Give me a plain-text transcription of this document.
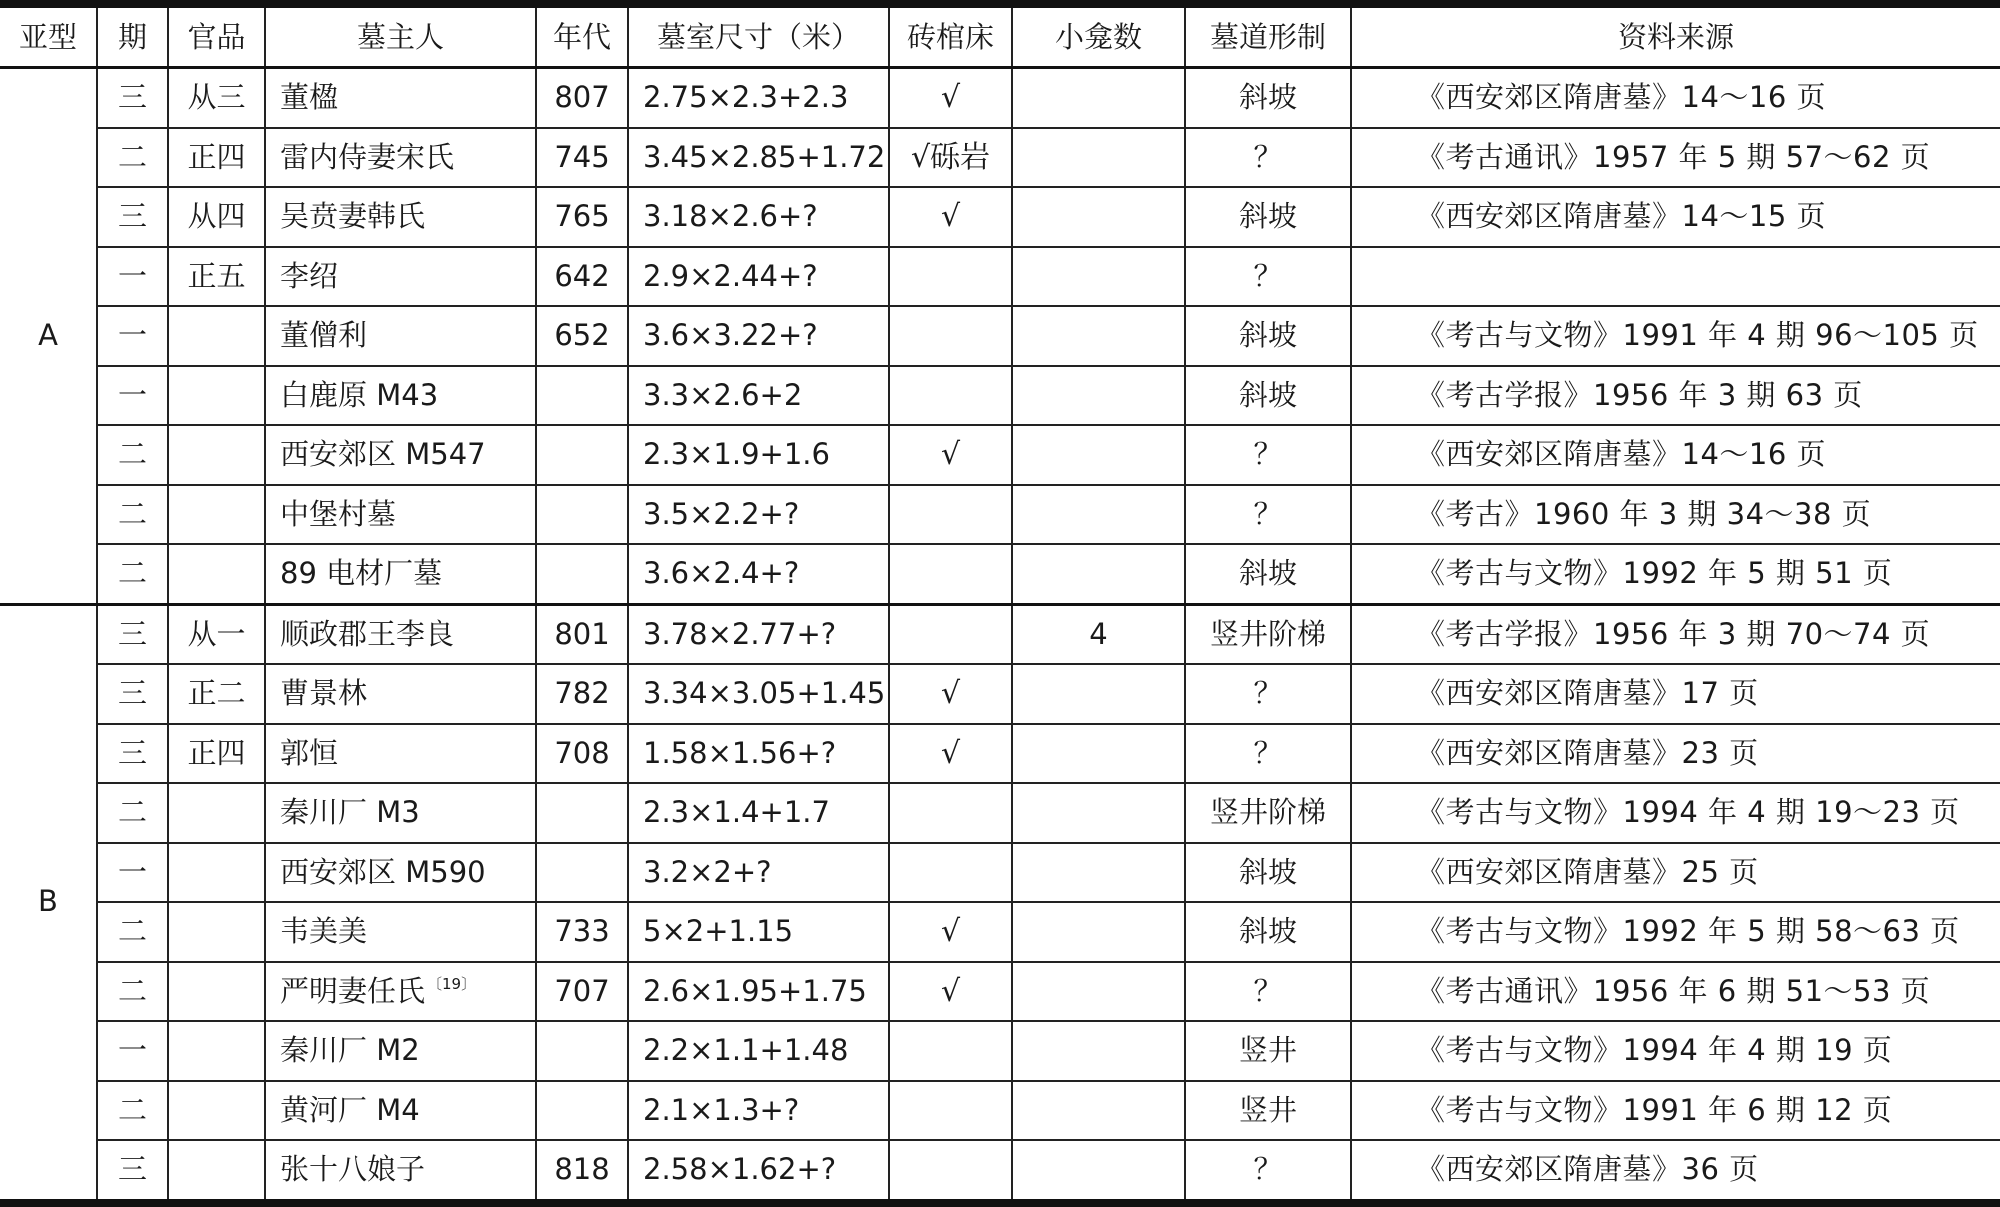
亚型	期	官品	墓主人	年代	墓室尺寸（米）	砖棺床	小龛数	墓道形制	资料来源
A	三	从三	董楹	807	2.75×2.3+2.3	√		斜坡	《西安郊区隋唐墓》14～16 页
	二	正四	雷内侍妻宋氏	745	3.45×2.85+1.72	√砾岩		？	《考古通讯》1957 年 5 期 57～62 页
	三	从四	吴贲妻韩氏	765	3.18×2.6+?	√		斜坡	《西安郊区隋唐墓》14～15 页
	一	正五	李绍	642	2.9×2.44+?			？	
	一		董僧利	652	3.6×3.22+?			斜坡	《考古与文物》1991 年 4 期 96～105 页
	一		白鹿原 M43		3.3×2.6+2			斜坡	《考古学报》1956 年 3 期 63 页
	二		西安郊区 M547		2.3×1.9+1.6	√		？	《西安郊区隋唐墓》14～16 页
	二		中堡村墓		3.5×2.2+?			？	《考古》1960 年 3 期 34～38 页
	二		89 电材厂墓		3.6×2.4+?			斜坡	《考古与文物》1992 年 5 期 51 页
B	三	从一	顺政郡王李良	801	3.78×2.77+?		4	竖井阶梯	《考古学报》1956 年 3 期 70～74 页
	三	正二	曹景林	782	3.34×3.05+1.45	√		？	《西安郊区隋唐墓》17 页
	三	正四	郭恒	708	1.58×1.56+?	√		？	《西安郊区隋唐墓》23 页
	二		秦川厂 M3		2.3×1.4+1.7			竖井阶梯	《考古与文物》1994 年 4 期 19～23 页
	一		西安郊区 M590		3.2×2+?			斜坡	《西安郊区隋唐墓》25 页
	二		韦美美	733	5×2+1.15	√		斜坡	《考古与文物》1992 年 5 期 58～63 页
	二		严明妻任氏 $^{〔19〕}$	707	2.6×1.95+1.75	√		？	《考古通讯》1956 年 6 期 51～53 页
	一		秦川厂 M2		2.2×1.1+1.48			竖井	《考古与文物》1994 年 4 期 19 页
	二		黄河厂 M4		2.1×1.3+?			竖井	《考古与文物》1991 年 6 期 12 页
	三		张十八娘子	818	2.58×1.62+?			？	《西安郊区隋唐墓》36 页
